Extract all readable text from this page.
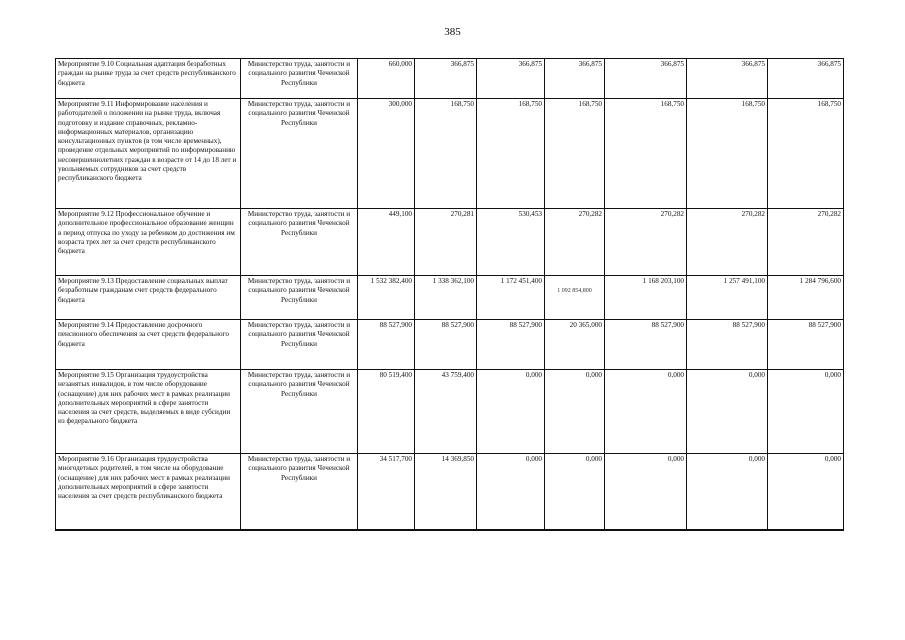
385
Мероприятие 9.10 Социальная адаптация безработных граждан на рынке труда за счет средств республиканского бюджета	Министерство труда, занятости и социального развития Чеченской Республики	660,000	366,875	366,875	366,875	366,875	366,875	366,875
Мероприятие 9.11 Информирование населения и работодателей о положении на рынке труда, включая подготовку и издание справочных, рекламно- информационных материалов, организацию консультационных пунктов (в том числе временных), проведение отдельных мероприятий по информированию несовершеннолетних граждан в возрасте от 14 до 18 лет и увольняемых сотрудников за счет средств республиканского бюджета	Министерство труда, занятости и социального развития Чеченской Республики	300,000	168,750	168,750	168,750	168,750	168,750	168,750
Мероприятие 9.12 Профессиональное обучение и дополнительное профессиональное образование женщин в период отпуска по уходу за ребенком до достижения им возраста трех лет за счет средств республиканского бюджета	Министерство труда, занятости и социального развития Чеченской Республики	449,100	270,281	530,453	270,282	270,282	270,282	270,282
Мероприятие 9.13 Предоставление социальных выплат безработным гражданам счет средств федерального бюджета	Министерство труда, занятости и социального развития Чеченской Республики	1 532 382,400	1 338 362,100	1 172 451,400	1 092 854,800	1 168 203,100	1 257 491,100	1 284 796,600
Мероприятие 9.14 Предоставление досрочного пенсионного обеспечения за счет средств федерального бюджета	Министерство труда, занятости и социального развития Чеченской Республики	88 527,900	88 527,900	88 527,900	20 365,000	88 527,900	88 527,900	88 527,900
Мероприятие 9.15 Организация трудоустройства незанятых инвалидов, в том числе оборудование (оснащение) для них рабочих мест в рамках реализации дополнительных мероприятий в сфере занятости населения за счет средств, выделяемых в виде субсидии из федерального бюджета	Министерство труда, занятости и социального развития Чеченской Республики	80 519,400	43 759,400	0,000	0,000	0,000	0,000	0,000
Мероприятие 9.16 Организация трудоустройства многодетных родителей, в том числе на оборудование (оснащение) для них рабочих мест в рамках реализации дополнительных мероприятий в сфере занятости населения за счет средств республиканского бюджета	Министерство труда, занятости и социального развития Чеченской Республики	34 517,700	14 369,850	0,000	0,000	0,000	0,000	0,000
